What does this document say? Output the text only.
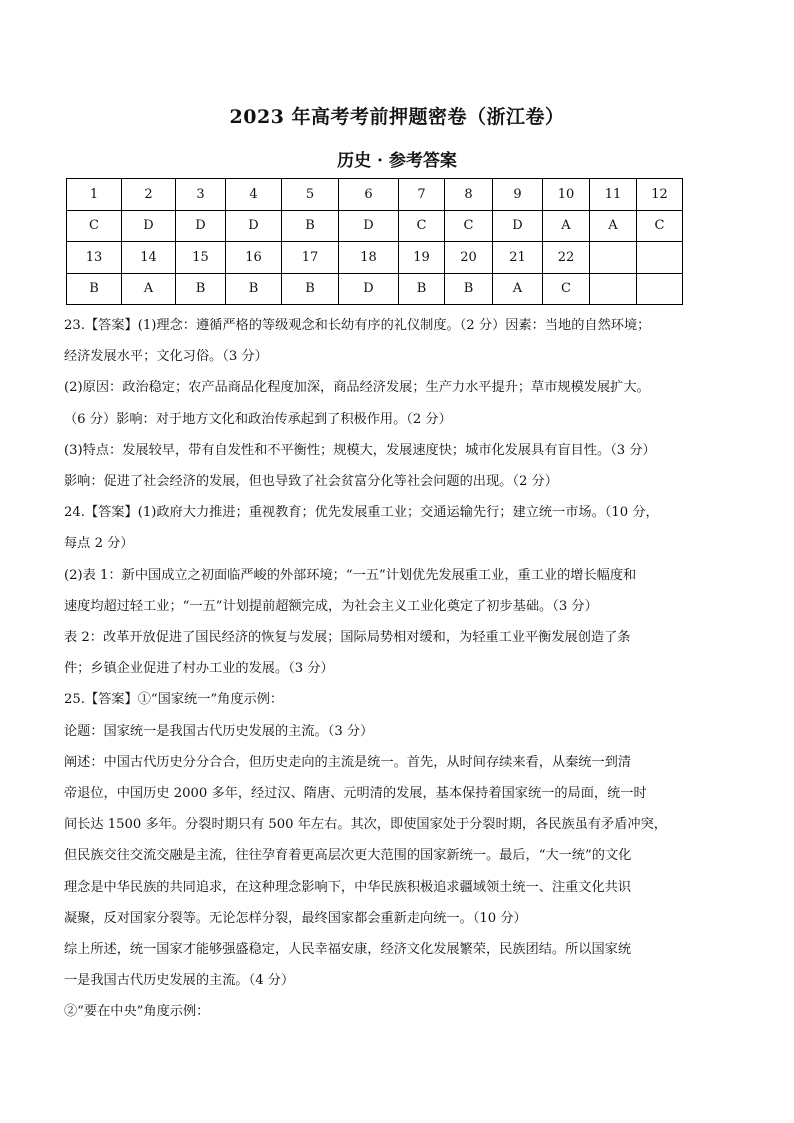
2023 年高考考前押题密卷（浙江卷）
历史 · 参考答案
1	2	3	4	5	6	7	8	9	10	11	12
C	D	D	D	B	D	C	C	D	A	A	C
13	14	15	16	17	18	19	20	21	22		
B	A	B	B	B	D	B	B	A	C		

23.【答案】(1)理念：遵循严格的等级观念和长幼有序的礼仪制度。（2 分）因素：当地的自然环境；

经济发展水平；文化习俗。（3 分）

(2)原因：政治稳定；农产品商品化程度加深，商品经济发展；生产力水平提升；草市规模发展扩大。

（6 分）影响：对于地方文化和政治传承起到了积极作用。（2 分）

(3)特点：发展较早，带有自发性和不平衡性；规模大，发展速度快；城市化发展具有盲目性。（3 分）

影响：促进了社会经济的发展，但也导致了社会贫富分化等社会问题的出现。（2 分）

24.【答案】(1)政府大力推进；重视教育；优先发展重工业；交通运输先行；建立统一市场。（10 分，

每点 2 分）

(2)表 1：新中国成立之初面临严峻的外部环境；“一五”计划优先发展重工业，重工业的增长幅度和

速度均超过轻工业；“一五”计划提前超额完成，为社会主义工业化奠定了初步基础。（3 分）

表 2：改革开放促进了国民经济的恢复与发展；国际局势相对缓和，为轻重工业平衡发展创造了条

件；乡镇企业促进了村办工业的发展。（3 分）

25.【答案】①“国家统一”角度示例：

论题：国家统一是我国古代历史发展的主流。（3 分）

阐述：中国古代历史分分合合，但历史走向的主流是统一。首先，从时间存续来看，从秦统一到清

帝退位，中国历史 2000 多年，经过汉、隋唐、元明清的发展，基本保持着国家统一的局面，统一时

间长达 1500 多年。分裂时期只有 500 年左右。其次，即使国家处于分裂时期，各民族虽有矛盾冲突，

但民族交往交流交融是主流，往往孕育着更高层次更大范围的国家新统一。最后，“大一统”的文化

理念是中华民族的共同追求，在这种理念影响下，中华民族积极追求疆域领土统一、注重文化共识

凝聚，反对国家分裂等。无论怎样分裂，最终国家都会重新走向统一。（10 分）

综上所述，统一国家才能够强盛稳定，人民幸福安康，经济文化发展繁荣，民族团结。所以国家统

一是我国古代历史发展的主流。（4 分）

②“要在中央”角度示例：
